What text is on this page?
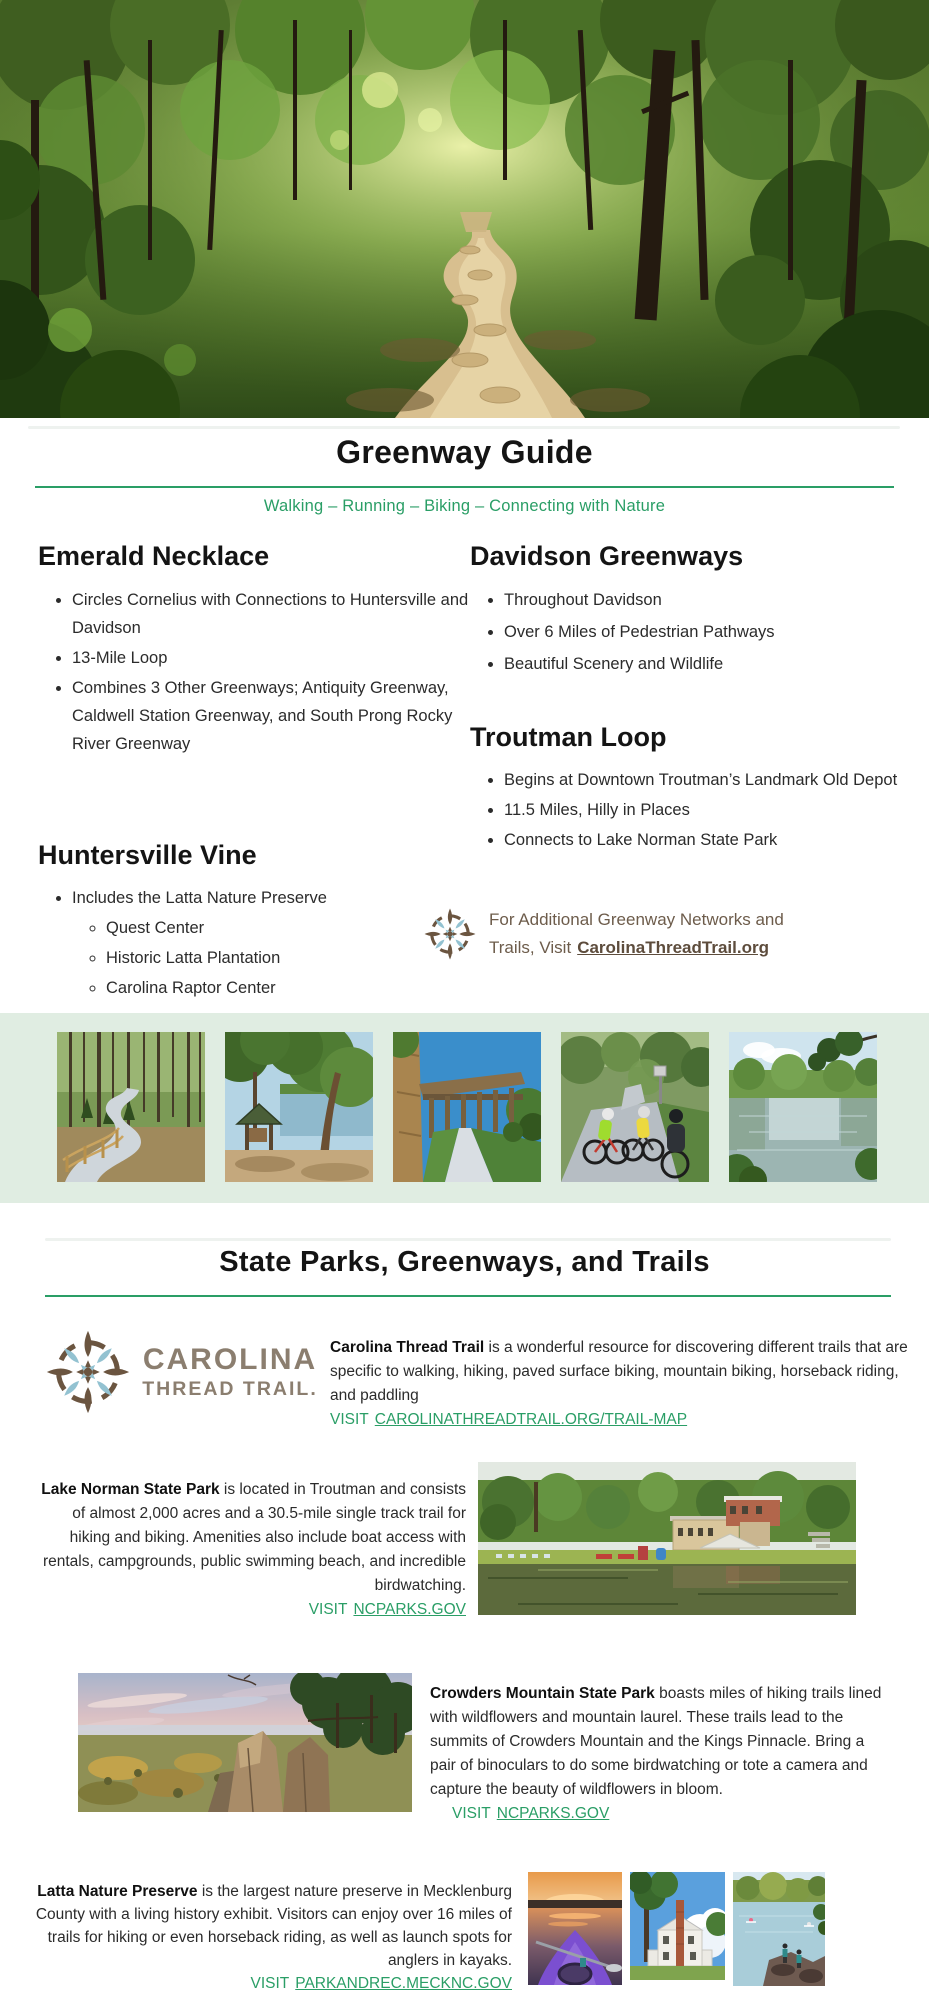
Greenway Guide
Walking – Running – Biking – Connecting with Nature
Emerald Necklace
• Circles Cornelius with Connections to Huntersville and Davidson
• 13-Mile Loop
• Combines 3 Other Greenways; Antiquity Greenway, Caldwell Station Greenway, and South Prong Rocky River Greenway
Huntersville Vine
• Includes the Latta Nature Preserve
◦ Quest Center
◦ Historic Latta Plantation
◦ Carolina Raptor Center
Davidson Greenways
• Throughout Davidson
• Over 6 Miles of Pedestrian Pathways
• Beautiful Scenery and Wildlife
Troutman Loop
• Begins at Downtown Troutman’s Landmark Old Depot
• 11.5 Miles, Hilly in Places
• Connects to Lake Norman State Park
For Additional Greenway Networks and
Trails, Visit CarolinaThreadTrail.org
State Parks, Greenways, and Trails
CAROLINA
THREAD TRAIL.
Carolina Thread Trail is a wonderful resource for discovering different trails that are specific to walking, hiking, paved surface biking, mountain biking, horseback riding, and paddling
VISIT CAROLINATHREADTRAIL.ORG/TRAIL-MAP
Lake Norman State Park is located in Troutman and consists of almost 2,000 acres and a 30.5-mile single track trail for hiking and biking. Amenities also include boat access with rentals, campgrounds, public swimming beach, and incredible birdwatching.
VISIT NCPARKS.GOV
Crowders Mountain State Park boasts miles of hiking trails lined with wildflowers and mountain laurel. These trails lead to the summits of Crowders Mountain and the Kings Pinnacle. Bring a pair of binoculars to do some birdwatching or tote a camera and capture the beauty of wildflowers in bloom. VISIT NCPARKS.GOV
Latta Nature Preserve is the largest nature preserve in Mecklenburg County with a living history exhibit. Visitors can enjoy over 16 miles of trails for hiking or even horseback riding, as well as launch spots for anglers in kayaks.
VISIT PARKANDREC.MECKNC.GOV
